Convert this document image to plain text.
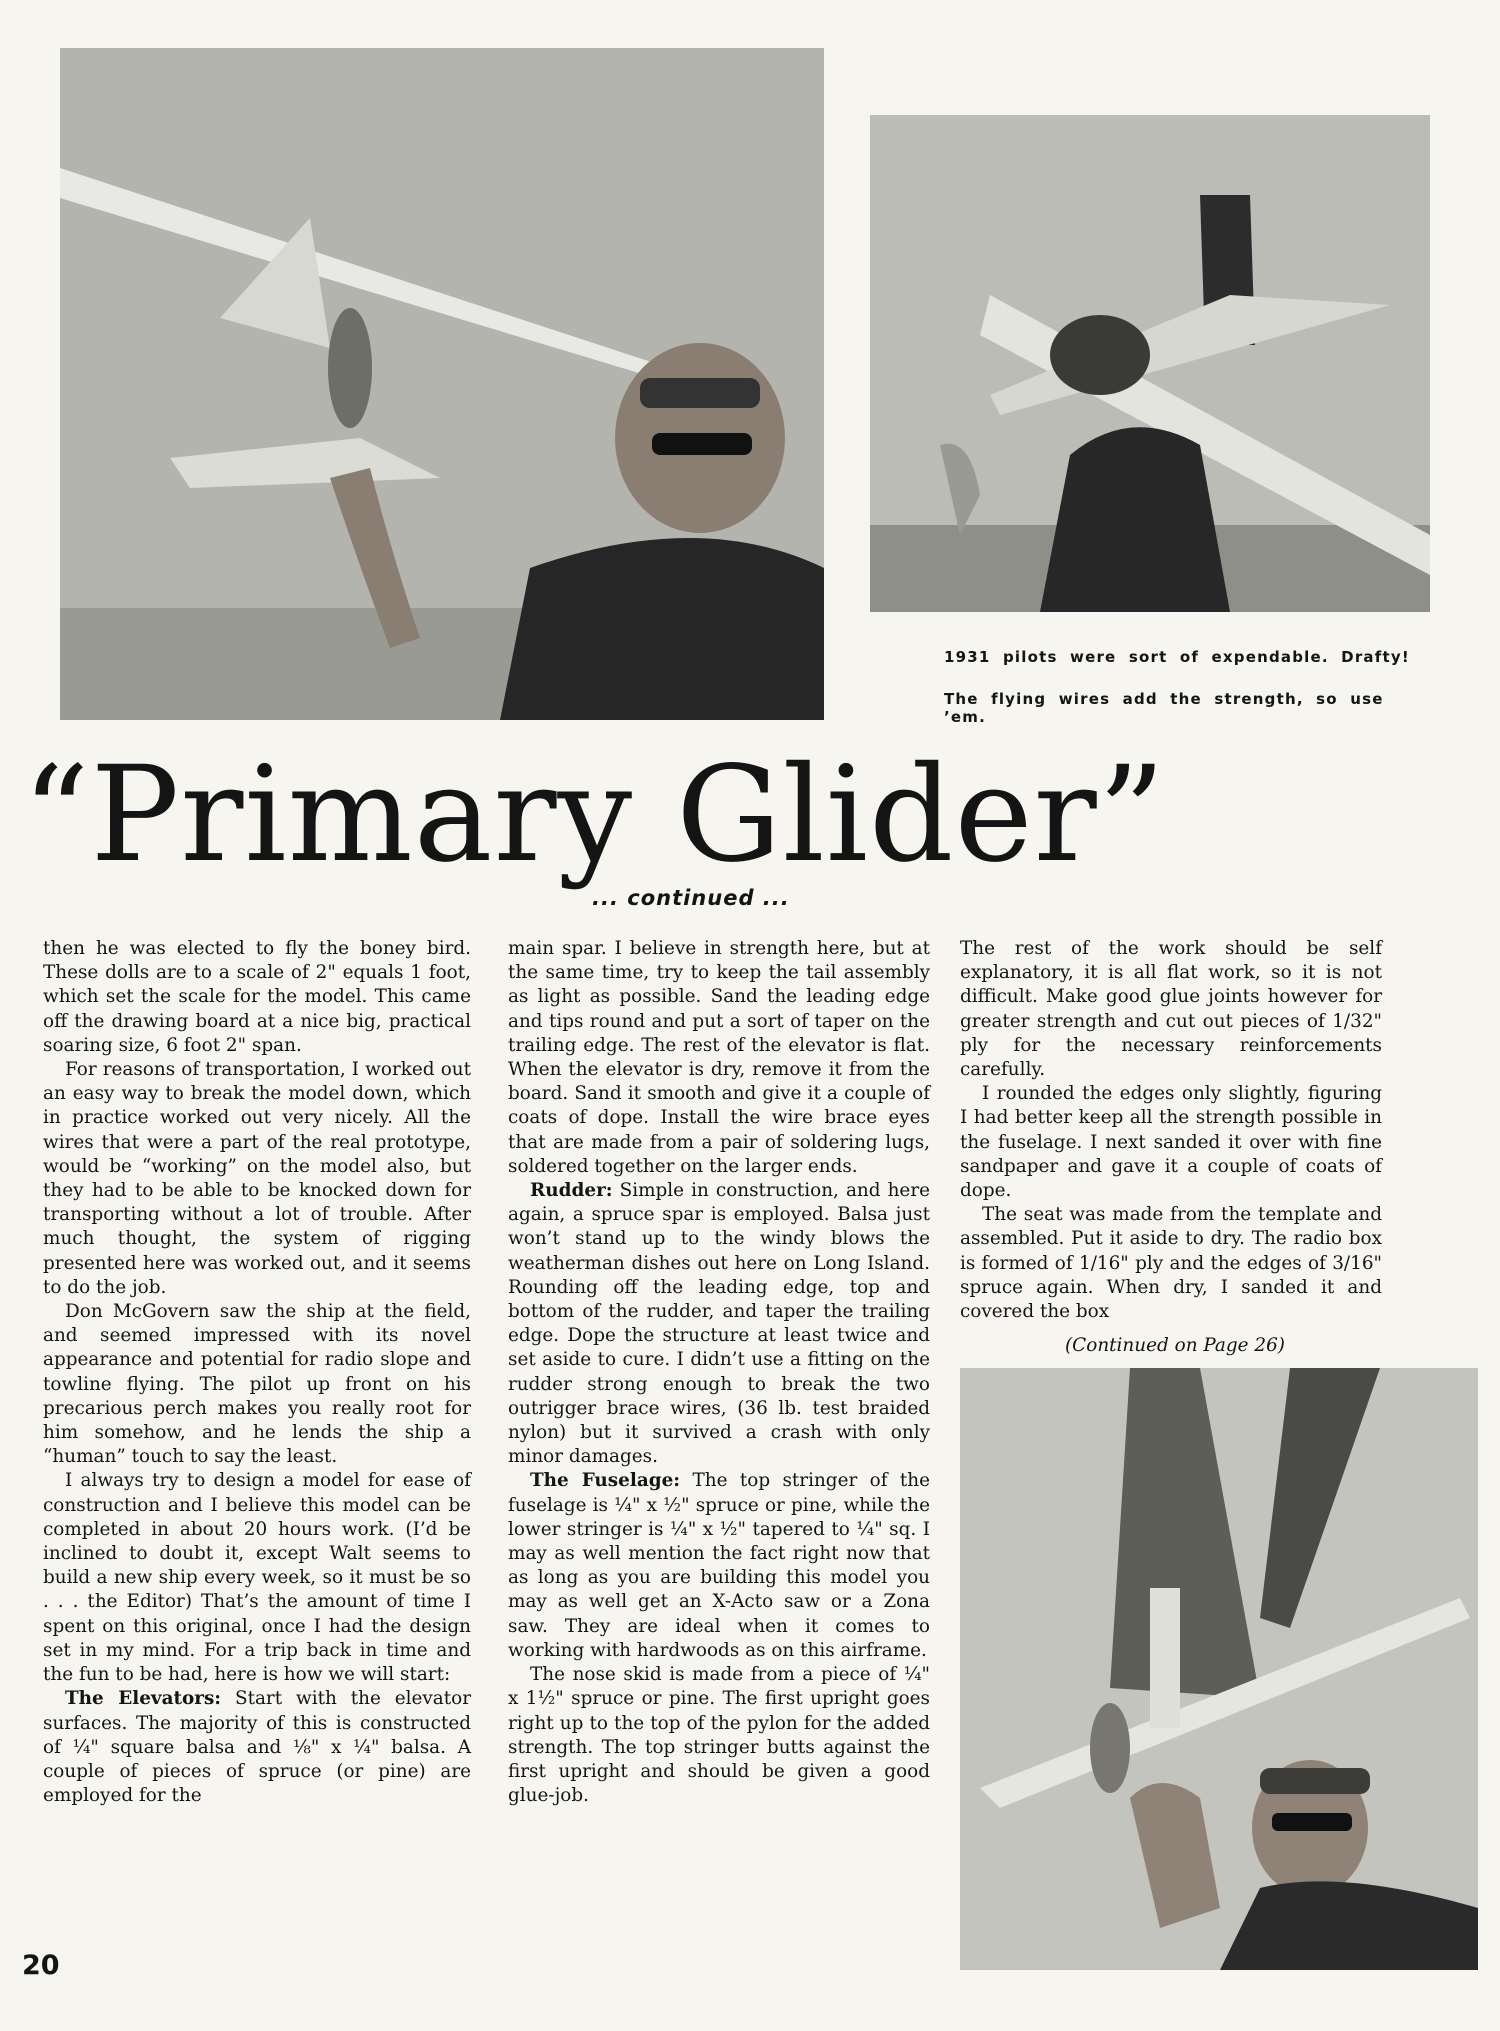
1931 pilots were sort of expendable. Drafty!
The flying wires add the strength, so use ’em.
“Primary Glider”
... continued ...

then he was elected to fly the boney bird. These dolls are to a scale of 2" equals 1 foot, which set the scale for the model. This came off the drawing board at a nice big, practical soaring size, 6 foot 2" span.

For reasons of transportation, I worked out an easy way to break the model down, which in practice worked out very nicely. All the wires that were a part of the real prototype, would be “working” on the model also, but they had to be able to be knocked down for transporting without a lot of trouble. After much thought, the system of rigging presented here was worked out, and it seems to do the job.

Don McGovern saw the ship at the field, and seemed impressed with its novel appearance and potential for radio slope and towline flying. The pilot up front on his precarious perch makes you really root for him somehow, and he lends the ship a “human” touch to say the least.

I always try to design a model for ease of construction and I believe this model can be completed in about 20 hours work. (I’d be inclined to doubt it, except Walt seems to build a new ship every week, so it must be so . . . the Editor) That’s the amount of time I spent on this original, once I had the design set in my mind. For a trip back in time and the fun to be had, here is how we will start:

The Elevators: Start with the elevator surfaces. The majority of this is constructed of ¼" square balsa and ⅛" x ¼" balsa. A couple of pieces of spruce (or pine) are employed for the

main spar. I believe in strength here, but at the same time, try to keep the tail assembly as light as possible. Sand the leading edge and tips round and put a sort of taper on the trailing edge. The rest of the elevator is flat. When the elevator is dry, remove it from the board. Sand it smooth and give it a couple of coats of dope. Install the wire brace eyes that are made from a pair of soldering lugs, soldered together on the larger ends.

Rudder: Simple in construction, and here again, a spruce spar is employed. Balsa just won’t stand up to the windy blows the weatherman dishes out here on Long Island. Rounding off the leading edge, top and bottom of the rudder, and taper the trailing edge. Dope the structure at least twice and set aside to cure. I didn’t use a fitting on the rudder strong enough to break the two outrigger brace wires, (36 lb. test braided nylon) but it survived a crash with only minor damages.

The Fuselage: The top stringer of the fuselage is ¼" x ½" spruce or pine, while the lower stringer is ¼" x ½" tapered to ¼" sq. I may as well mention the fact right now that as long as you are building this model you may as well get an X-Acto saw or a Zona saw. They are ideal when it comes to working with hardwoods as on this airframe.

The nose skid is made from a piece of ¼" x 1½" spruce or pine. The first upright goes right up to the top of the pylon for the added strength. The top stringer butts against the first upright and should be given a good glue-job.

The rest of the work should be self explanatory, it is all flat work, so it is not difficult. Make good glue joints however for greater strength and cut out pieces of 1/32" ply for the necessary reinforcements carefully.

I rounded the edges only slightly, figuring I had better keep all the strength possible in the fuselage. I next sanded it over with fine sandpaper and gave it a couple of coats of dope.

The seat was made from the template and assembled. Put it aside to dry. The radio box is formed of 1/16" ply and the edges of 3/16" spruce again. When dry, I sanded it and covered the box

(Continued on Page 26)
20
